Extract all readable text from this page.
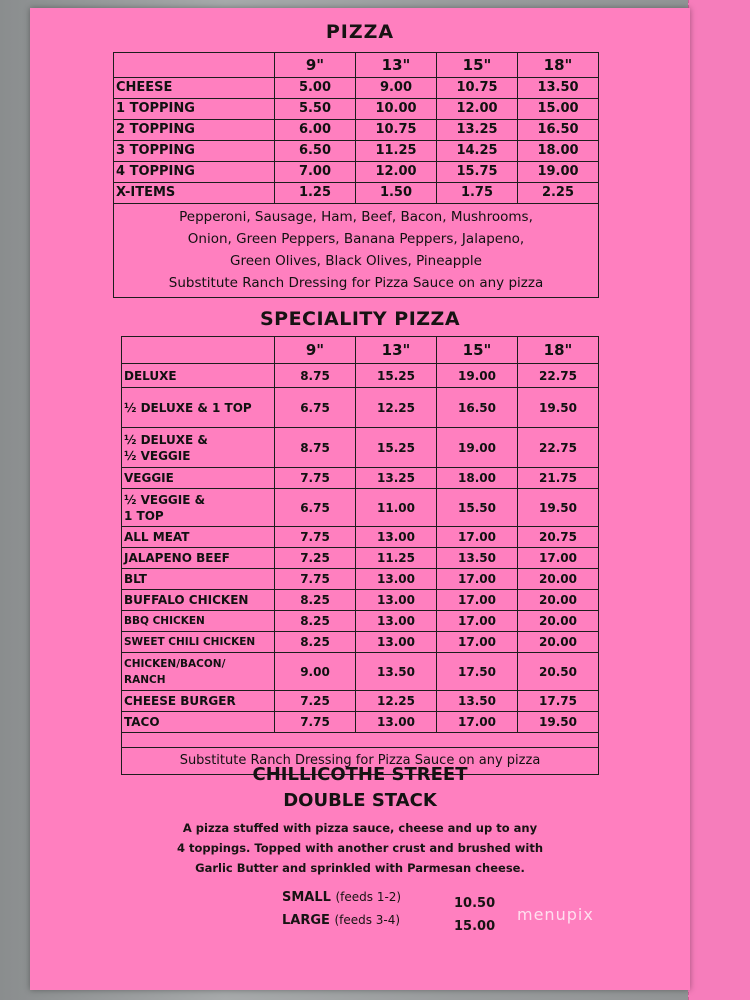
PIZZA
	9"	13"	15"	18"
CHEESE	5.00	9.00	10.75	13.50
1 TOPPING	5.50	10.00	12.00	15.00
2 TOPPING	6.00	10.75	13.25	16.50
3 TOPPING	6.50	11.25	14.25	18.00
4 TOPPING	7.00	12.00	15.75	19.00
X-ITEMS	1.25	1.50	1.75	2.25

Pepperoni, Sausage, Ham, Beef, Bacon, Mushrooms,
Onion, Green Peppers, Banana Peppers, Jalapeno,
Green Olives, Black Olives, Pineapple
Substitute Ranch Dressing for Pizza Sauce on any pizza				
SPECIALITY PIZZA
	9"	13"	15"	18"
DELUXE	8.75	15.25	19.00	22.75
½ DELUXE & 1 TOP	6.75	12.25	16.50	19.50
½ DELUXE &
½ VEGGIE	8.75	15.25	19.00	22.75
VEGGIE	7.75	13.25	18.00	21.75
½ VEGGIE &
1 TOP	6.75	11.00	15.50	19.50
ALL MEAT	7.75	13.00	17.00	20.75
JALAPENO BEEF	7.25	11.25	13.50	17.00
BLT	7.75	13.00	17.00	20.00
BUFFALO CHICKEN	8.25	13.00	17.00	20.00
BBQ CHICKEN	8.25	13.00	17.00	20.00
SWEET CHILI CHICKEN	8.25	13.00	17.00	20.00
CHICKEN/BACON/
RANCH	9.00	13.50	17.50	20.50
CHEESE BURGER	7.25	12.25	13.50	17.75
TACO	7.75	13.00	17.00	19.50

Substitute Ranch Dressing for Pizza Sauce on any pizza				
CHILLICOTHE STREET
DOUBLE STACK
A pizza stuffed with pizza sauce, cheese and up to any
4 toppings. Topped with another crust and brushed with
Garlic Butter and sprinkled with Parmesan cheese.
SMALL (feeds 1-2)	10.50
LARGE (feeds 3-4)	15.00
menupix
